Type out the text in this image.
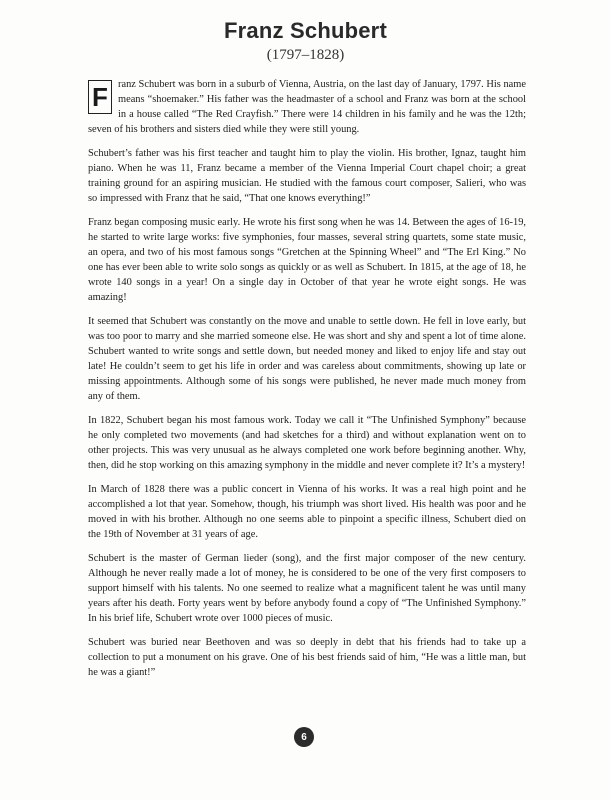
Franz Schubert
(1797–1828)

F ranz Schubert was born in a suburb of Vienna, Austria, on the last day of January, 1797. His name means “shoemaker.” His father was the headmaster of a school and Franz was born at the school in a house called “The Red Crayfish.” There were 14 children in his family and he was the 12th; seven of his brothers and sisters died while they were still young.

Schubert’s father was his first teacher and taught him to play the violin. His brother, Ignaz, taught him piano. When he was 11, Franz became a member of the Vienna Imperial Court chapel choir; a great training ground for an aspiring musician. He studied with the famous court composer, Salieri, who was so impressed with Franz that he said, “That one knows everything!”

Franz began composing music early. He wrote his first song when he was 14. Between the ages of 16-19, he started to write large works: five symphonies, four masses, several string quartets, some state music, an opera, and two of his most famous songs “Gretchen at the Spinning Wheel” and “The Erl King.” No one has ever been able to write solo songs as quickly or as well as Schubert. In 1815, at the age of 18, he wrote 140 songs in a year! On a single day in October of that year he wrote eight songs. He was amazing!

It seemed that Schubert was constantly on the move and unable to settle down. He fell in love early, but was too poor to marry and she married someone else. He was short and shy and spent a lot of time alone. Schubert wanted to write songs and settle down, but needed money and liked to enjoy life and stay out late! He couldn’t seem to get his life in order and was careless about commitments, showing up late or missing appointments. Although some of his songs were published, he never made much money from any of them.

In 1822, Schubert began his most famous work. Today we call it “The Unfinished Symphony” because he only completed two movements (and had sketches for a third) and without explanation went on to other projects. This was very unusual as he always completed one work before beginning another. Why, then, did he stop working on this amazing symphony in the middle and never complete it? It’s a mystery!

In March of 1828 there was a public concert in Vienna of his works. It was a real high point and he accomplished a lot that year. Somehow, though, his triumph was short lived. His health was poor and he moved in with his brother. Although no one seems able to pinpoint a specific illness, Schubert died on the 19th of November at 31 years of age.

Schubert is the master of German lieder (song), and the first major composer of the new century. Although he never really made a lot of money, he is considered to be one of the very first composers to support himself with his talents. No one seemed to realize what a magnificent talent he was until many years after his death. Forty years went by before anybody found a copy of “The Unfinished Symphony.” In his brief life, Schubert wrote over 1000 pieces of music.

Schubert was buried near Beethoven and was so deeply in debt that his friends had to take up a collection to put a monument on his grave. One of his best friends said of him, “He was a little man, but he was a giant!”

6
